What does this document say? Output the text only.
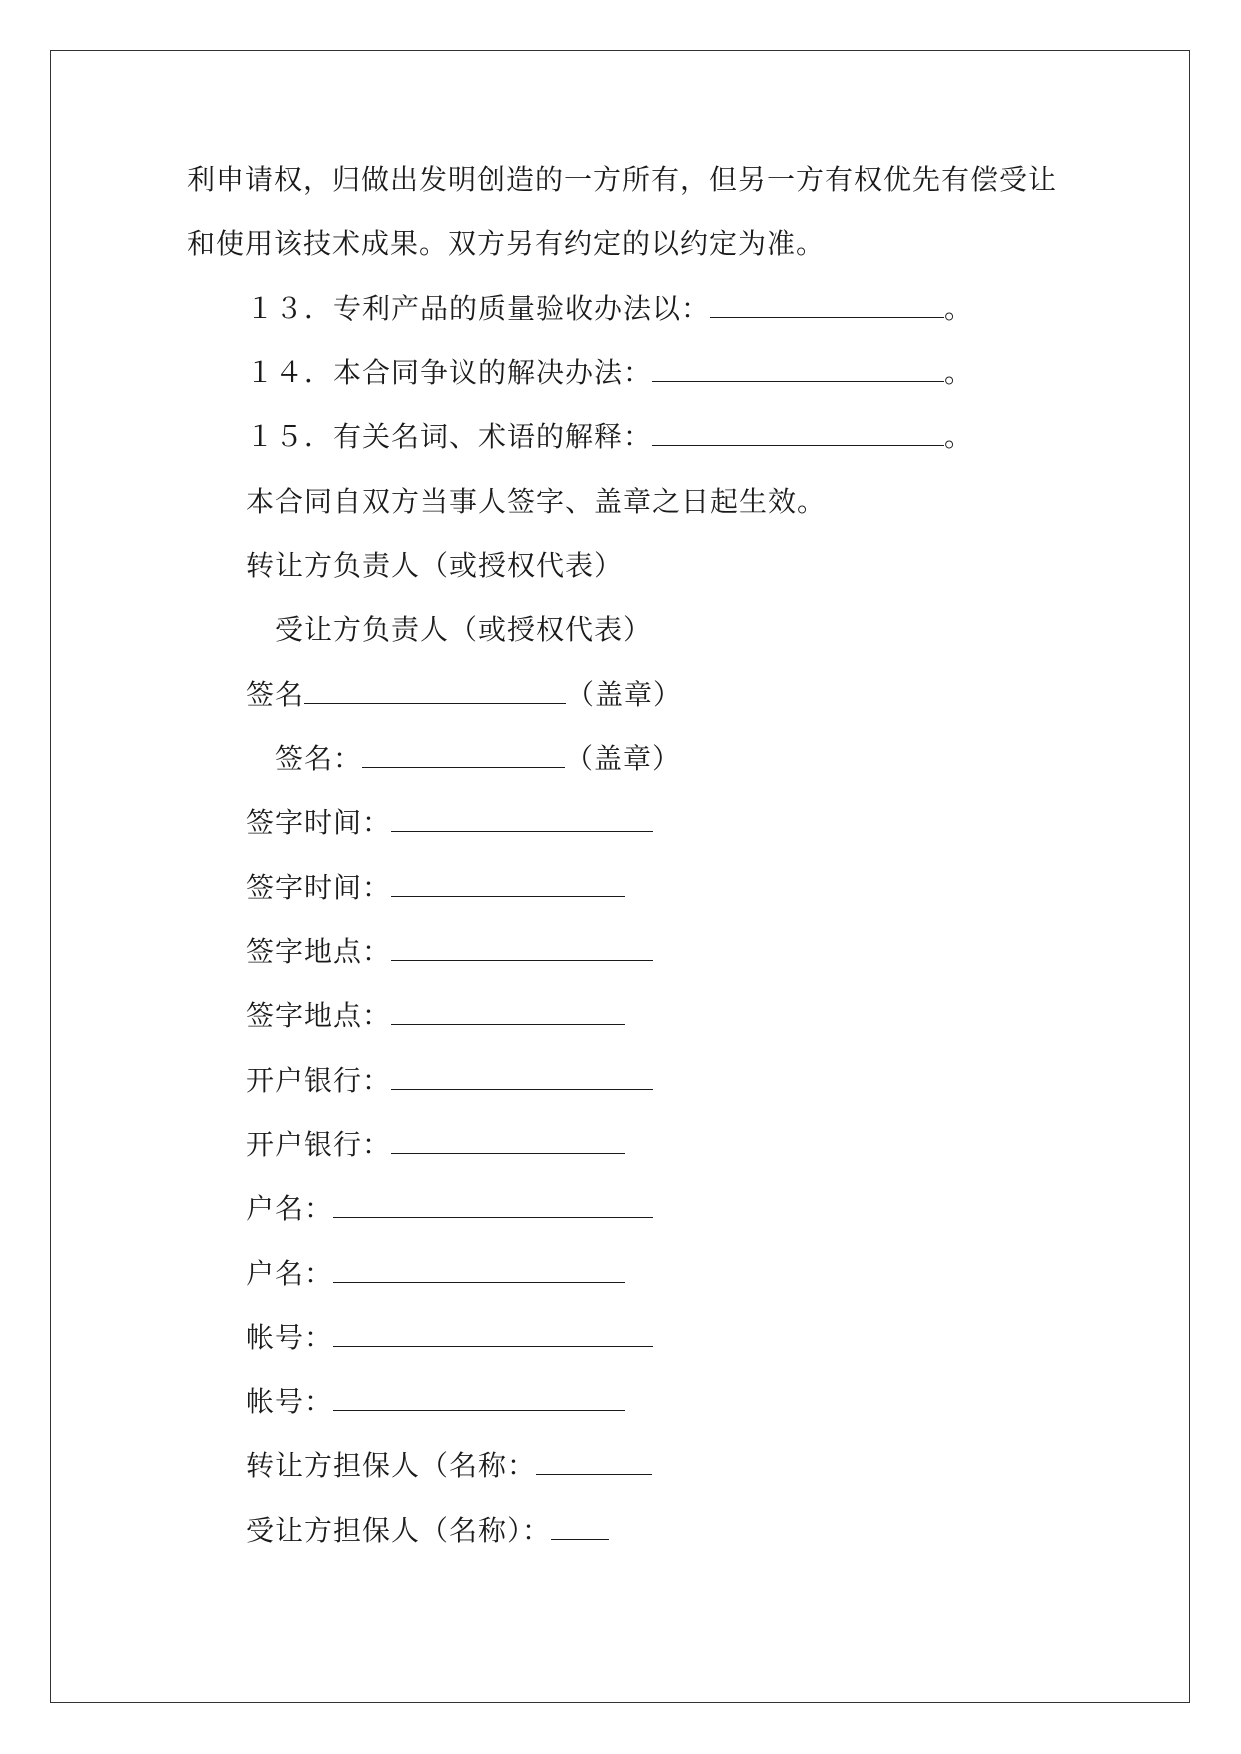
利申请权，归做出发明创造的一方所有，但另一方有权优先有偿受让
和使用该技术成果。双方另有约定的以约定为准。
１３．专利产品的质量验收办法以：	。
１４．本合同争议的解决办法：	。
１５．有关名词、术语的解释：	。
本合同自双方当事人签字、盖章之日起生效。
转让方负责人（或授权代表）
受让方负责人（或授权代表）
签名	（盖章）
签名：	（盖章）
签字时间：
签字时间：
签字地点：
签字地点：
开户银行：
开户银行：
户名：
户名：
帐号：
帐号：
转让方担保人（名称：
受让方担保人（名称）：
